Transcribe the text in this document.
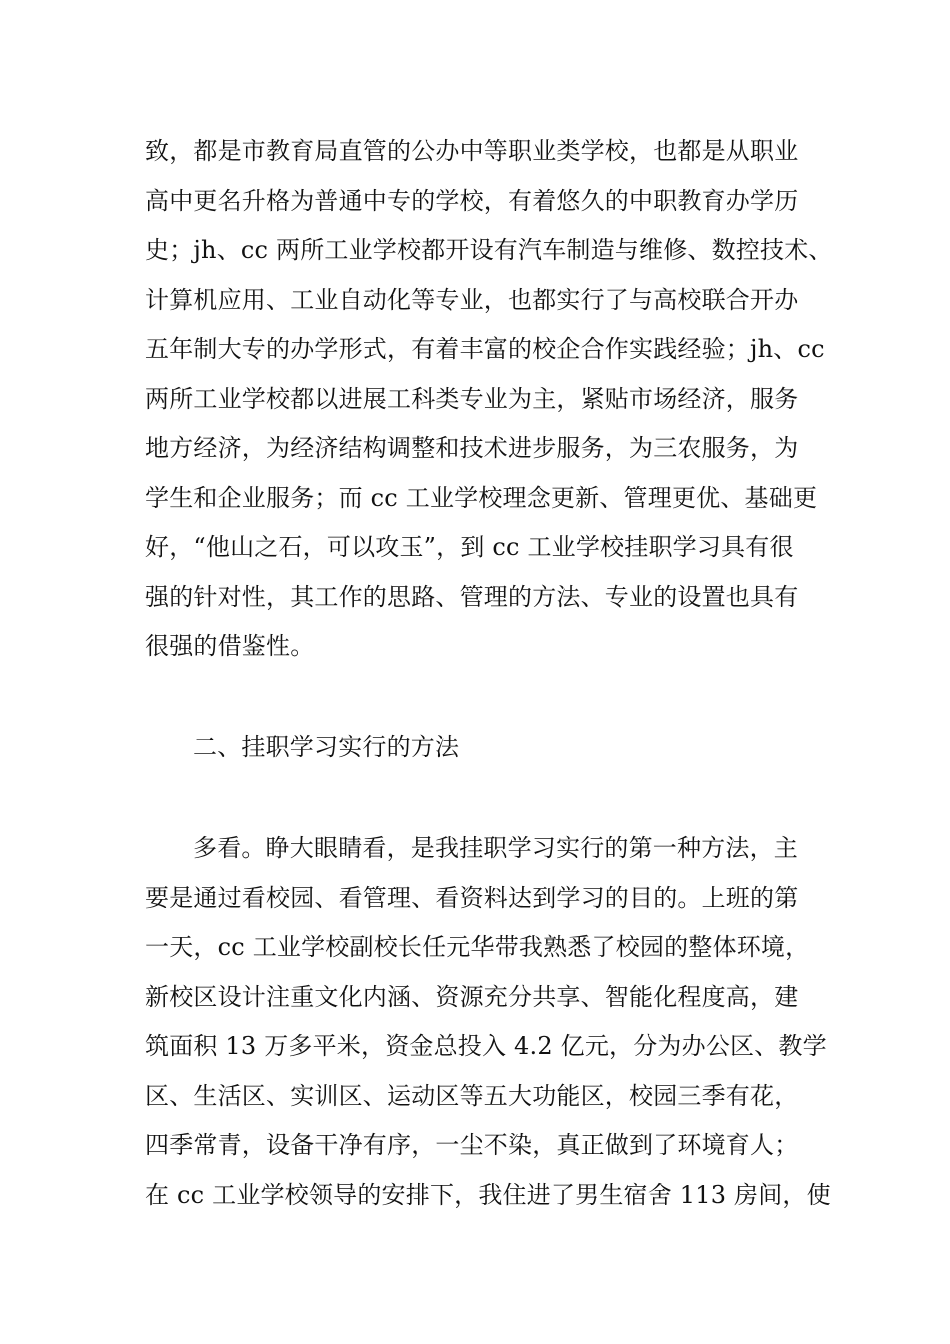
致，都是市教育局直管的公办中等职业类学校，也都是从职业
高中更名升格为普通中专的学校，有着悠久的中职教育办学历
史；jh、cc 两所工业学校都开设有汽车制造与维修、数控技术、
计算机应用、工业自动化等专业，也都实行了与高校联合开办
五年制大专的办学形式，有着丰富的校企合作实践经验；jh、cc
两所工业学校都以进展工科类专业为主，紧贴市场经济，服务
地方经济，为经济结构调整和技术进步服务，为三农服务，为
学生和企业服务；而 cc 工业学校理念更新、管理更优、基础更
好，“他山之石，可以攻玉”，到 cc 工业学校挂职学习具有很
强的针对性，其工作的思路、管理的方法、专业的设置也具有
很强的借鉴性。
二、挂职学习实行的方法
多看。睁大眼睛看，是我挂职学习实行的第一种方法，主
要是通过看校园、看管理、看资料达到学习的目的。上班的第
一天，cc 工业学校副校长任元华带我熟悉了校园的整体环境，
新校区设计注重文化内涵、资源充分共享、智能化程度高，建
筑面积 13 万多平米，资金总投入 4.2 亿元，分为办公区、教学
区、生活区、实训区、运动区等五大功能区，校园三季有花，
四季常青，设备干净有序，一尘不染，真正做到了环境育人；
在 cc 工业学校领导的安排下，我住进了男生宿舍 113 房间，使
